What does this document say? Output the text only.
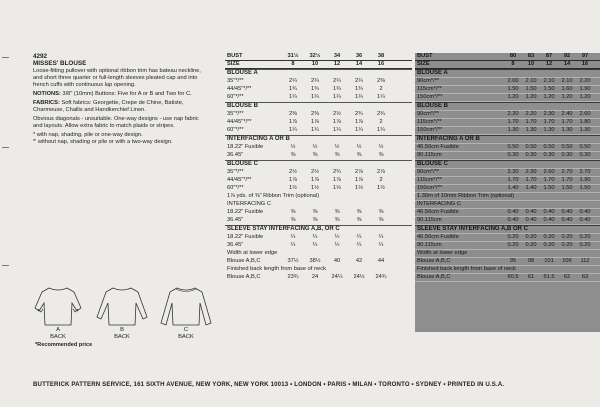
4292
MISSES' BLOUSE

Loose-fitting pullover with optional ribbon trim has bateau neckline, and short three quarter or full-length sleeves pleated cap and into french cuffs with continuous lap opening.

NOTIONS: 3/8" (10mm) Buttons: Five for A or B and Two for C.

FABRICS: Soft fabrics: Georgette, Crepe de Chine, Batiste, Charmeuse, Challis and Handkerchief Linen.

Obvious diagonals - unsuitable. One-way designs - use nap fabric and layouts. Allow extra fabric to match plaids or stripes.

* with nap, shading, pile or one-way design.

*' without nap, shading or pile or with a two-way design.

A
BACK
B
BACK
C
BACK
*Recommended price
BUST	31½	32½	34	36	38
SIZE	8	10	12	14	16
BLOUSE A
35"*/**	2¼	2¼	2¼	2¼	2⅜
44/45"*/**	1¾	1¾	1¾	1¾	2
60"*/**	1¼	1¼	1¼	1¼	1¼
BLOUSE B
35"*/**	2⅜	2⅜	2½	2¾	2¾
44/45"*/**	1⅞	1⅞	1⅞	1⅞	2
60"*/**	1¼	1¼	1¼	1¼	1¼
INTERFACING A OR B
18.22" Fusible	½	½	½	½	½
36.45"	⅜	⅜	⅜	⅜	⅜
BLOUSE C
35"*/**	2½	2½	2¾	2⅞	2⅞
44/45"*/**	1⅞	1⅞	1⅞	1⅞	2
60"*/**	1½	1½	1½	1½	1½
1⅞ yds. of ⅜" Ribbon Trim (optional)
INTERFACING C
18.22" Fusible	⅜	⅜	⅜	⅜	⅜
36.45"	⅜	⅜	⅜	⅜	⅜
SLEEVE STAY INTERFACING A,B, OR C
18.22" Fusible	¼	¼	¼	¼	¼
36.45"	¼	¼	¼	¼	¼
Width at lower edge
Blouse A,B,C	37½	38½	40	42	44
Finished back length from base of neck
Blouse A,B,C	23¾	24	24¼	24½	24¾
BUST	80	83	87	92	97
SIZE	8	10	12	14	16
BLOUSE A
90cm*/**	2.00	2.10	2.10	2.10	2.20
115cm*/**	1.50	1.50	1.50	1.60	1.90
150cm*/**	1.20	1.20	1.20	1.20	1.20
BLOUSE B
90cm*/**	2.20	2.20	2.30	2.40	2.60
115cm*/**	1.70	1.70	1.70	1.70	1.80
150cm*/**	1.30	1.30	1.30	1.30	1.30
INTERFACING A OR B
46.56cm Fusible	0.50	0.50	0.50	0.50	0.50
90.115cm	0.30	0.30	0.30	0.30	0.30
BLOUSE C
90cm*/**	2.30	2.30	2.60	2.70	2.70
115cm*/**	1.70	1.70	1.70	1.70	1.90
150cm*/**	1.40	1.40	1.50	1.50	1.50
1.30m of 10mm Ribbon Trim (optional)
INTERFACING C
46.56cm Fusible	0.40	0.40	0.40	0.40	0.40
90.115cm	0.40	0.40	0.40	0.40	0.40
SLEEVE STAY INTERFACING A,B OR C
46.56cm Fusible	0.20	0.20	0.20	0.20	0.20
90.115cm	0.20	0.20	0.20	0.20	0.20
Width at lower edge
Blouse A,B,C	95	98	101	106	112
Finished back length from base of neck
Blouse A,B,C	60.5	61	61.5	62	63
BUTTERICK PATTERN SERVICE, 161 SIXTH AVENUE, NEW YORK, NEW YORK 10013 • LONDON • PARIS • MILAN • TORONTO • SYDNEY • PRINTED IN U.S.A.
